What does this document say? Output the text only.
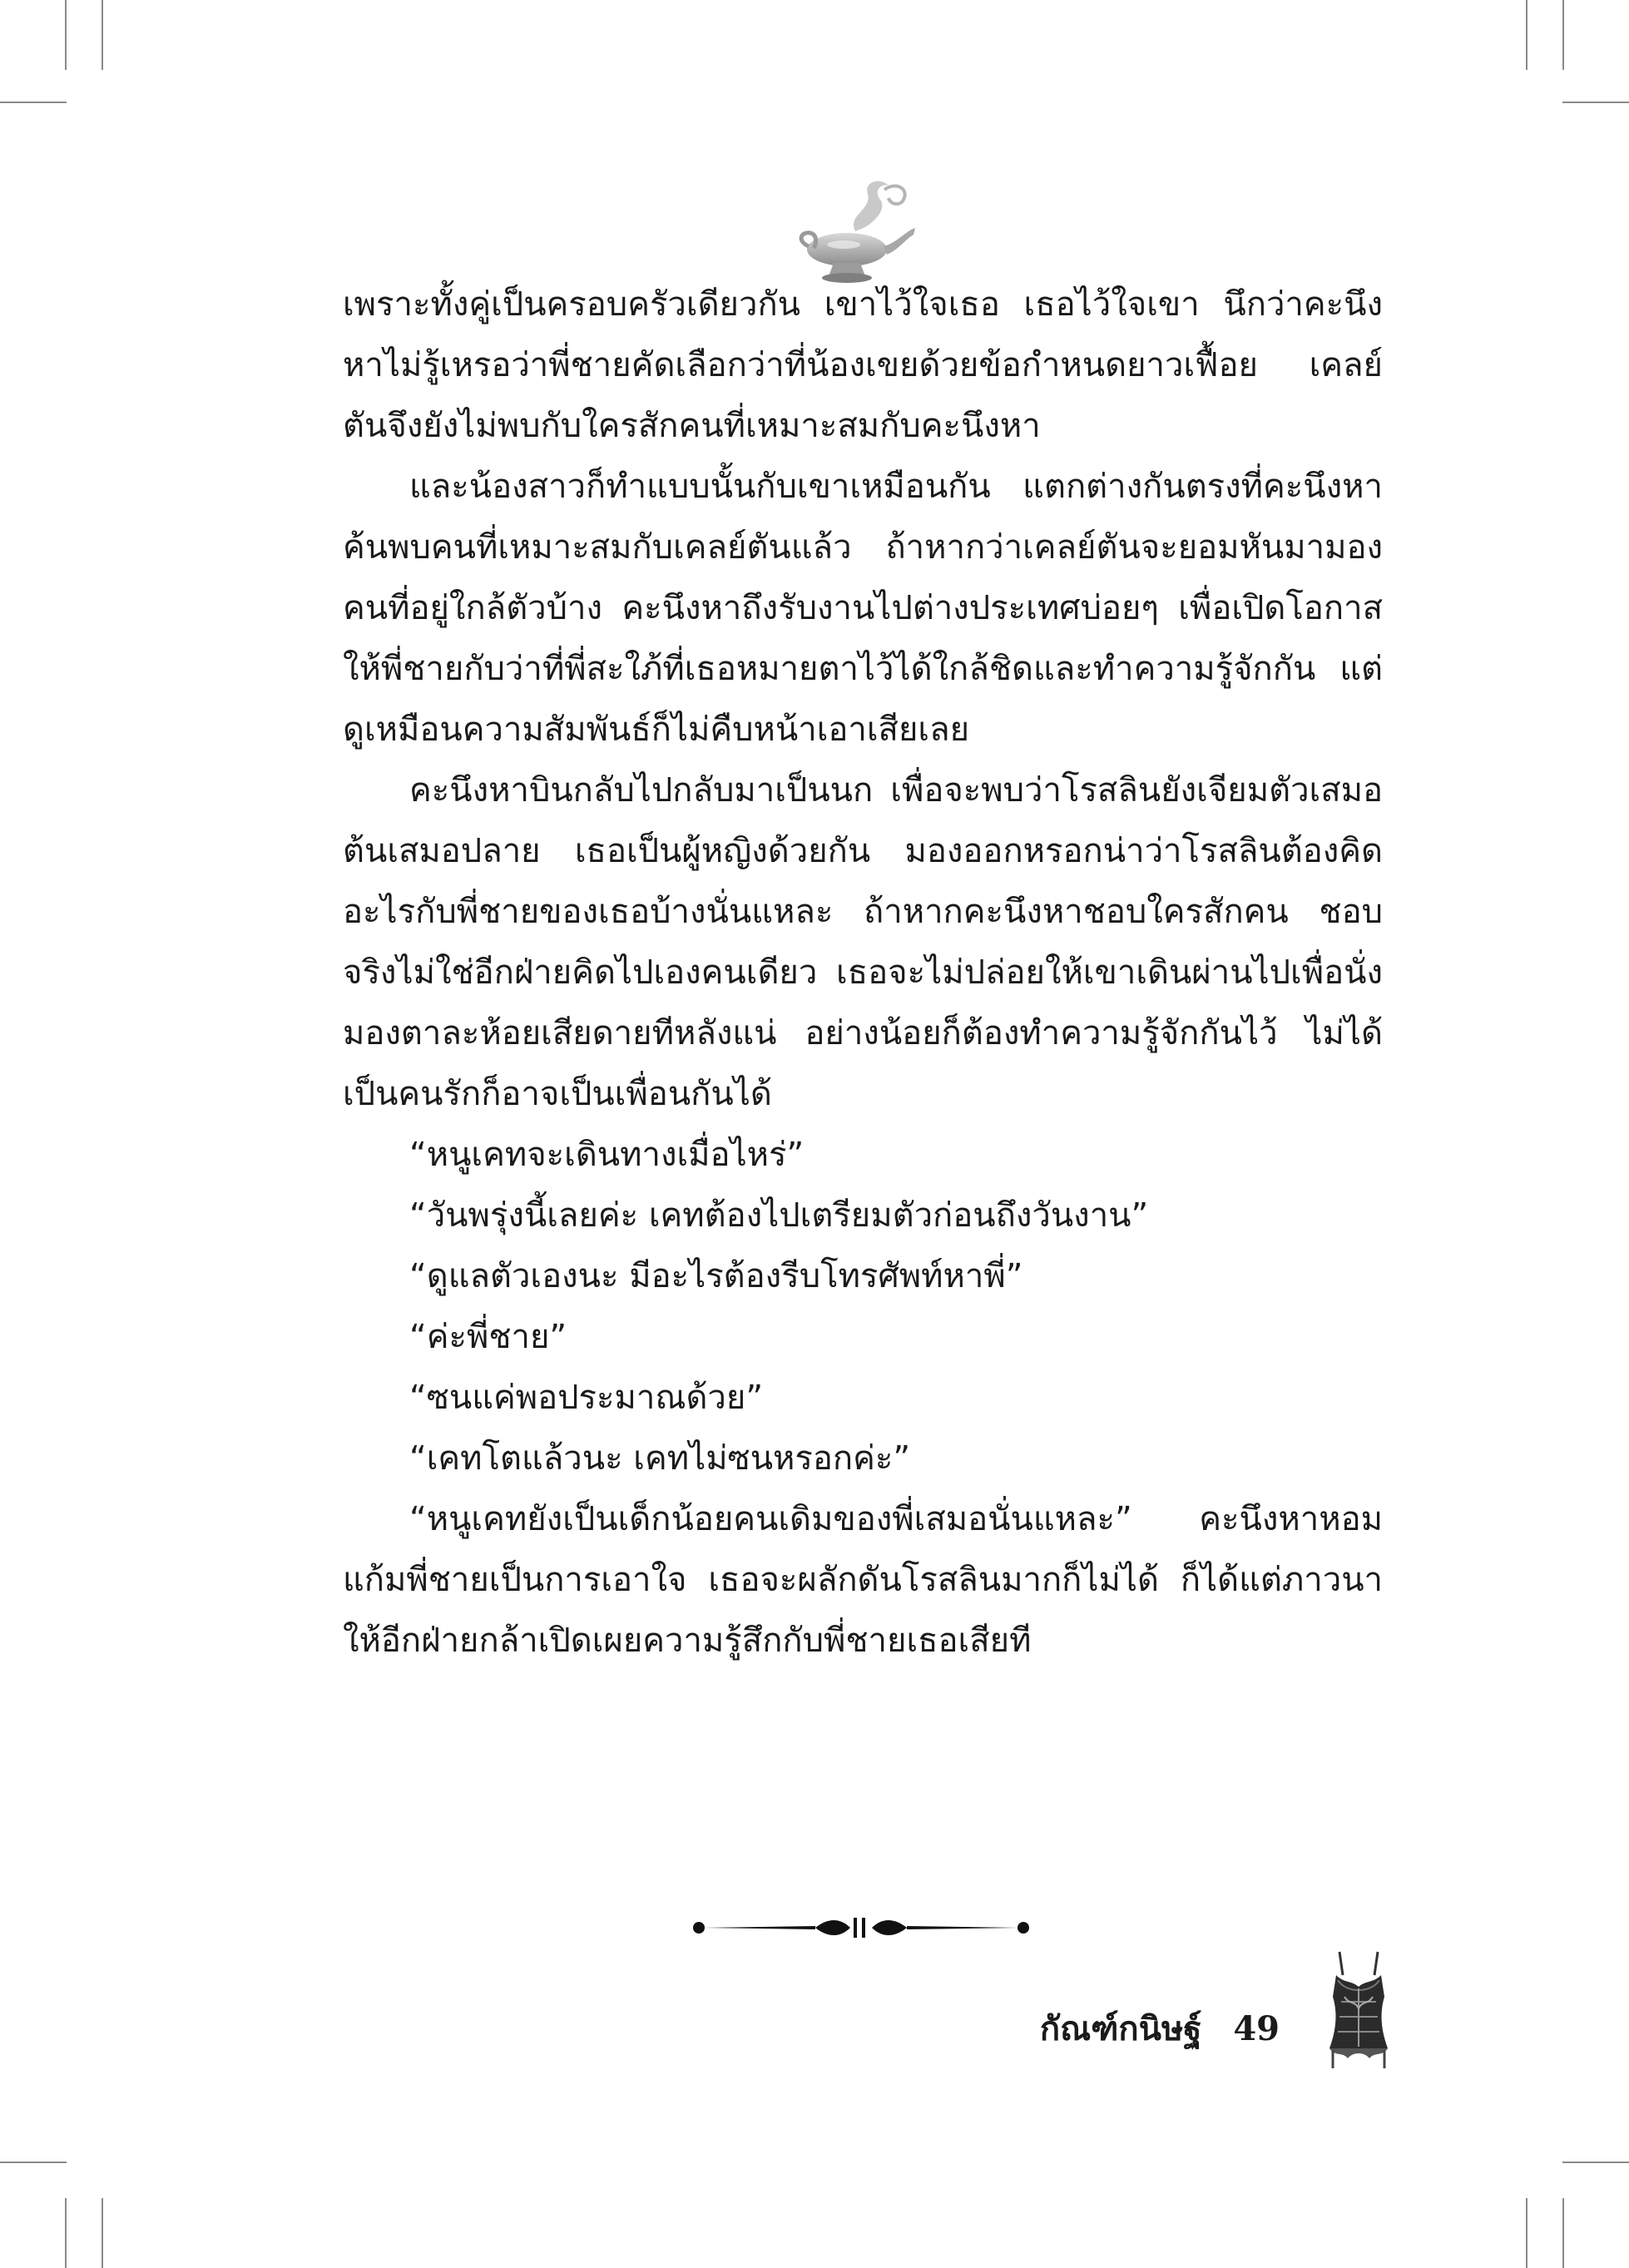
เพราะทั้งคู่เป็นครอบครัวเดียวกัน เขาไว้ใจเธอ เธอไว้ใจเขา นึกว่าคะนึงหาไม่รู้เหรอว่าพี่ชายคัดเลือกว่าที่น้องเขยด้วยข้อกำหนดยาวเฟื้อย เคลย์ตันจึงยังไม่พบกับใครสักคนที่เหมาะสมกับคะนึงหา

และน้องสาวก็ทำแบบนั้นกับเขาเหมือนกัน แตกต่างกันตรงที่คะนึงหาค้นพบคนที่เหมาะสมกับเคลย์ตันแล้ว ถ้าหากว่าเคลย์ตันจะยอมหันมามองคนที่อยู่ใกล้ตัวบ้าง คะนึงหาถึงรับงานไปต่างประเทศบ่อยๆ เพื่อเปิดโอกาสให้พี่ชายกับว่าที่พี่สะใภ้ที่เธอหมายตาไว้ได้ใกล้ชิดและทำความรู้จักกัน แต่ดูเหมือนความสัมพันธ์ก็ไม่คืบหน้าเอาเสียเลย

คะนึงหาบินกลับไปกลับมาเป็นนก เพื่อจะพบว่าโรสลินยังเจียมตัวเสมอต้นเสมอปลาย เธอเป็นผู้หญิงด้วยกัน มองออกหรอกน่าว่าโรสลินต้องคิดอะไรกับพี่ชายของเธอบ้างนั่นแหละ ถ้าหากคะนึงหาชอบใครสักคน ชอบจริงไม่ใช่อีกฝ่ายคิดไปเองคนเดียว เธอจะไม่ปล่อยให้เขาเดินผ่านไปเพื่อนั่งมองตาละห้อยเสียดายทีหลังแน่ อย่างน้อยก็ต้องทำความรู้จักกันไว้ ไม่ได้เป็นคนรักก็อาจเป็นเพื่อนกันได้

“หนูเคทจะเดินทางเมื่อไหร่”

“วันพรุ่งนี้เลยค่ะ เคทต้องไปเตรียมตัวก่อนถึงวันงาน”

“ดูแลตัวเองนะ มีอะไรต้องรีบโทรศัพท์หาพี่”

“ค่ะพี่ชาย”

“ซนแค่พอประมาณด้วย”

“เคทโตแล้วนะ เคทไม่ซนหรอกค่ะ”

“หนูเคทยังเป็นเด็กน้อยคนเดิมของพี่เสมอนั่นแหละ” คะนึงหาหอมแก้มพี่ชายเป็นการเอาใจ เธอจะผลักดันโรสลินมากก็ไม่ได้ ก็ได้แต่ภาวนาให้อีกฝ่ายกล้าเปิดเผยความรู้สึกกับพี่ชายเธอเสียที

กัณฑ์กนิษฐ์ 49
